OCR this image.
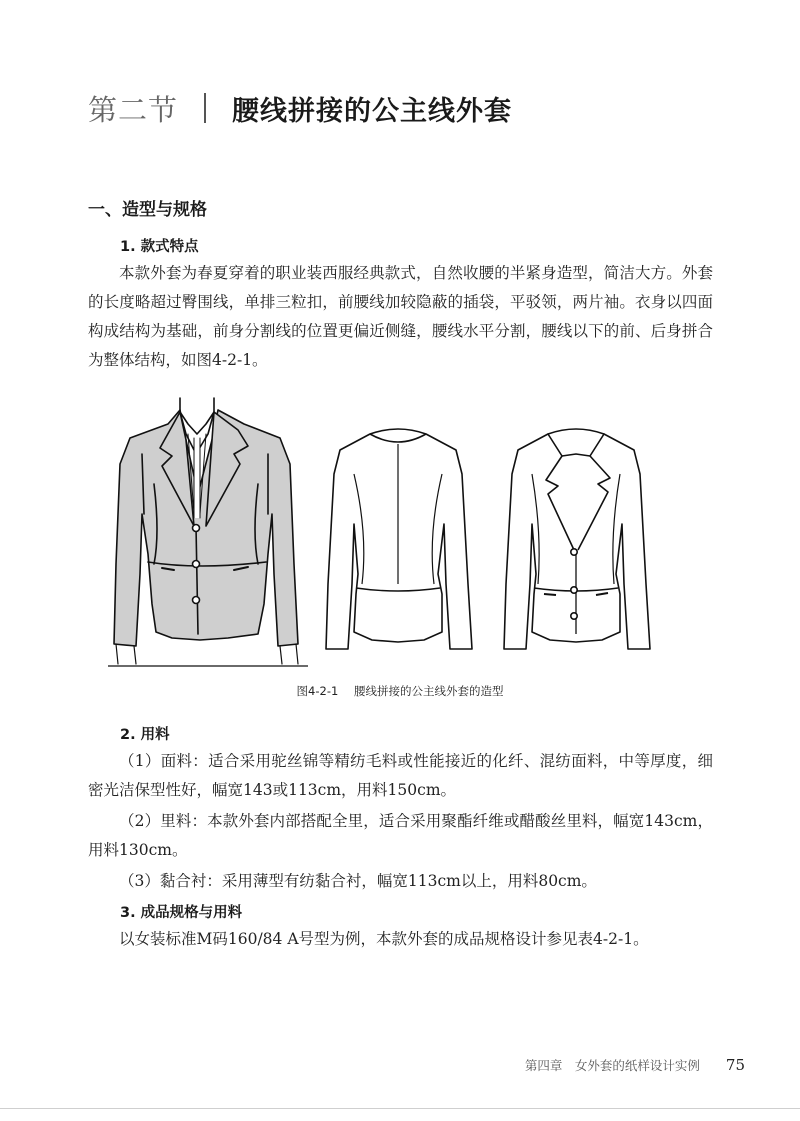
第二节 腰线拼接的公主线外套
一、造型与规格
1. 款式特点
本款外套为春夏穿着的职业装西服经典款式，自然收腰的半紧身造型，简洁大方。外套的长度略超过臀围线，单排三粒扣，前腰线加较隐蔽的插袋，平驳领，两片袖。衣身以四面构成结构为基础，前身分割线的位置更偏近侧缝，腰线水平分割，腰线以下的前、后身拼合为整体结构，如图4-2-1。
图4-2-1 腰线拼接的公主线外套的造型
2. 用料
（1）面料：适合采用驼丝锦等精纺毛料或性能接近的化纤、混纺面料，中等厚度，细密光洁保型性好，幅宽143或113cm，用料150cm。
（2）里料：本款外套内部搭配全里，适合采用聚酯纤维或醋酸丝里料，幅宽143cm，用料130cm。
（3）黏合衬：采用薄型有纺黏合衬，幅宽113cm以上，用料80cm。
3. 成品规格与用料
以女装标准M码160/84 A号型为例，本款外套的成品规格设计参见表4-2-1。
第四章　女外套的纸样设计实例 75
